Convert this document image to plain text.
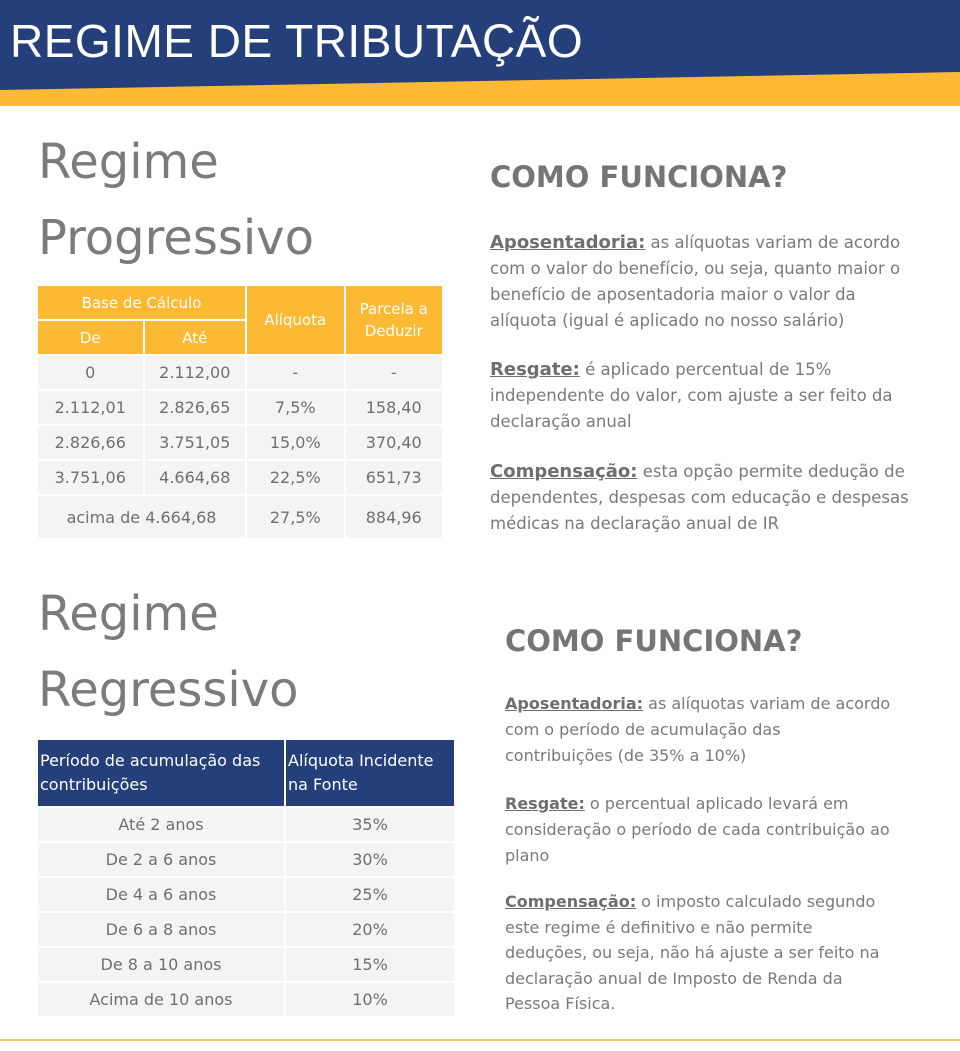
REGIME DE TRIBUTAÇÃO
Regime
Progressivo
Base de Cálculo		Alíquota	Parcela a
Deduzir
De	Até		
0	2.112,00	-	-
2.112,01	2.826,65	7,5%	158,40
2.826,66	3.751,05	15,0%	370,40
3.751,06	4.664,68	22,5%	651,73
acima de 4.664,68		27,5%	884,96
COMO FUNCIONA?
Aposentadoria: as alíquotas variam de acordo
com o valor do benefício, ou seja, quanto maior o
benefício de aposentadoria maior o valor da
alíquota (igual é aplicado no nosso salário)
Resgate: é aplicado percentual de 15%
independente do valor, com ajuste a ser feito da
declaração anual
Compensação: esta opção permite dedução de
dependentes, despesas com educação e despesas
médicas na declaração anual de IR
Regime
Regressivo
Período de acumulação das
contribuições	Alíquota Incidente
na Fonte
Até 2 anos	35%
De 2 a 6 anos	30%
De 4 a 6 anos	25%
De 6 a 8 anos	20%
De 8 a 10 anos	15%
Acima de 10 anos	10%
COMO FUNCIONA?
Aposentadoria: as alíquotas variam de acordo
com o período de acumulação das
contribuições (de 35% a 10%)
Resgate: o percentual aplicado levará em
consideração o período de cada contribuição ao
plano
Compensação: o imposto calculado segundo
este regime é definitivo e não permite
deduções, ou seja, não há ajuste a ser feito na
declaração anual de Imposto de Renda da
Pessoa Física.
